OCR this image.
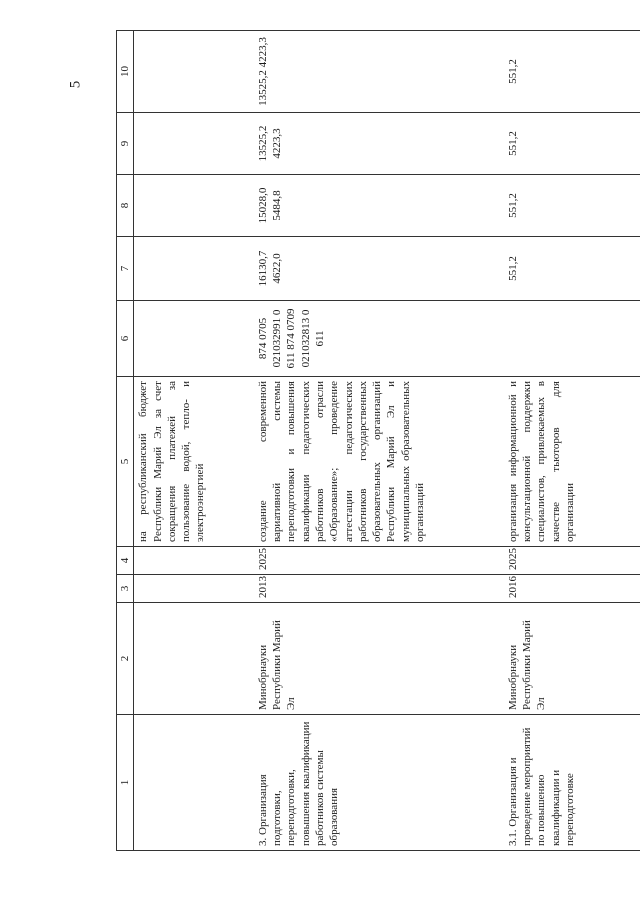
5
1	2	3	4	5	6	7	8	9	10
				на республиканский бюджет Республики Марий Эл за счет сокращения платежей за пользование водой, тепло- и электроэнергией					
3. Организация подготовки, переподготовки, повышения квалификации работников системы образования	Минобрнауки Республики Марий Эл	2013	2025	создание современной вариативной системы переподготовки и повышения квалификации педагогических работников отрасли «Образование»; проведение аттестации педагогических работников государственных образовательных организаций Республики Марий Эл и муниципальных образовательных организаций	874 0705 021032991 0 611 874 0709 021032813 0 611	16130,7 4622,0	15028,0 5484,8	13525,2 4223,3	13525,2 4223,3
3.1. Организация и проведение мероприятий по повышению квалификации и переподготовке	Минобрнауки Республики Марий Эл	2016	2025	организация информационной и консультационной поддержки специалистов, привлекаемых в качестве тьюторов для организации		551,2	551,2	551,2	551,2
